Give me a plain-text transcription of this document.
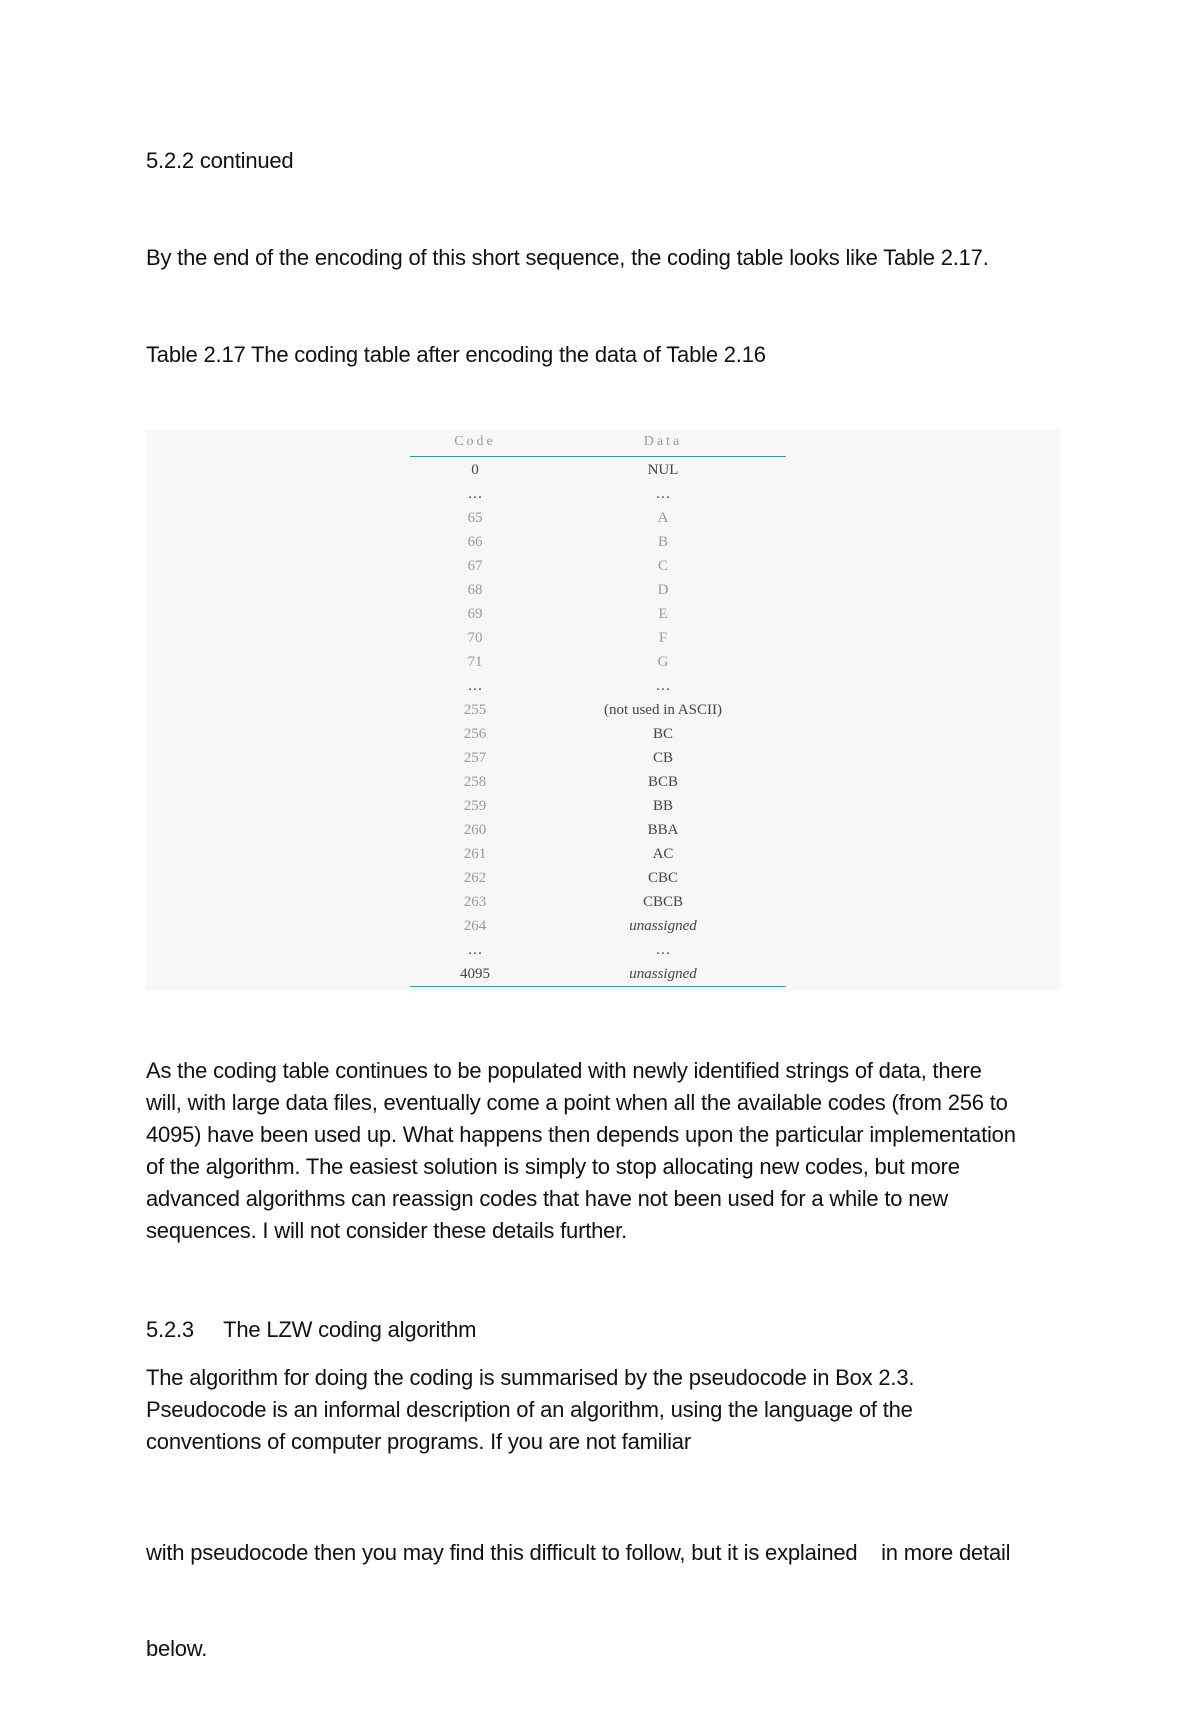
5.2.2 continued
By the end of the encoding of this short sequence, the coding table looks like Table 2.17.
Table 2.17 The coding table after encoding the data of Table 2.16
Code	Data
0	NUL
…	…
65	A
66	B
67	C
68	D
69	E
70	F
71	G
…	…
255	(not used in ASCII)
256	BC
257	CB
258	BCB
259	BB
260	BBA
261	AC
262	CBC
263	CBCB
264	unassigned
…	…
4095	unassigned
As the coding table continues to be populated with newly identified strings of data, there
will, with large data files, eventually come a point when all the available codes (from 256 to
4095) have been used up. What happens then depends upon the particular implementation
of the algorithm. The easiest solution is simply to stop allocating new codes, but more
advanced algorithms can reassign codes that have not been used for a while to new
sequences. I will not consider these details further.
5.2.3     The LZW coding algorithm
The algorithm for doing the coding is summarised by the pseudocode in Box 2.3.
Pseudocode is an informal description of an algorithm, using the language of the
conventions of computer programs. If you are not familiar

with pseudocode then you may find this difficult to follow, but it is explained    in more detail

below.
